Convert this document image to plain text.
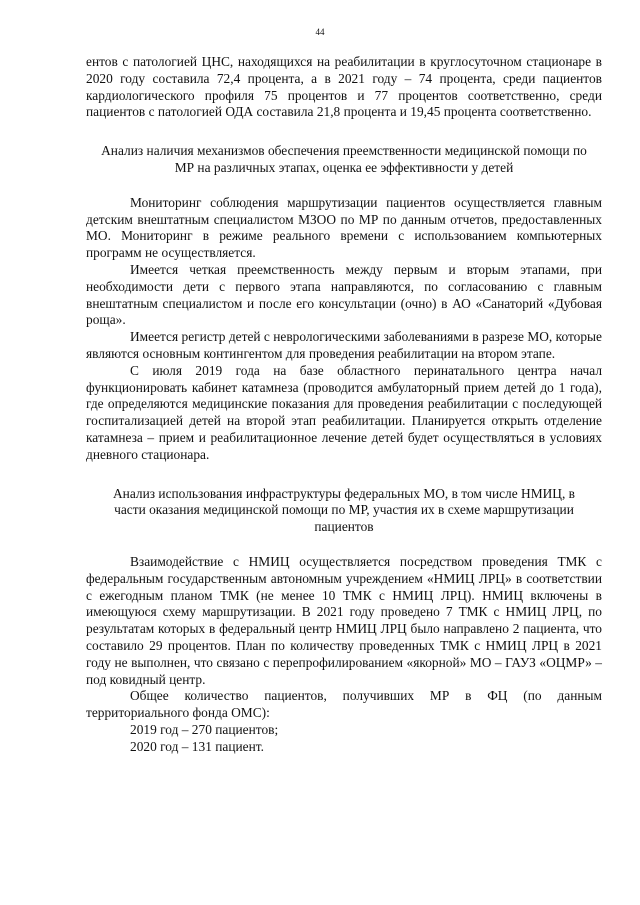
44

ентов с патологией ЦНС, находящихся на реабилитации в круглосуточном стационаре в 2020 году составила 72,4 процента, а в 2021 году – 74 процента, среди пациентов кардиологического профиля 75 процентов и 77 процентов соответственно, среди пациентов с патологией ОДА составила 21,8 процента и 19,45 процента соответственно.

Анализ наличия механизмов обеспечения преемственности медицинской помощи по МР на различных этапах, оценка ее эффективности у детей

Мониторинг соблюдения маршрутизации пациентов осуществляется главным детским внештатным специалистом МЗОО по МР по данным отчетов, предоставленных МО. Мониторинг в режиме реального времени с использованием компьютерных программ не осуществляется.

Имеется четкая преемственность между первым и вторым этапами, при необходимости дети с первого этапа направляются, по согласованию с главным внештатным специалистом и после его консультации (очно) в АО «Санаторий «Дубовая роща».

Имеется регистр детей с неврологическими заболеваниями в разрезе МО, которые являются основным контингентом для проведения реабилитации на втором этапе.

С июля 2019 года на базе областного перинатального центра начал функционировать кабинет катамнеза (проводится амбулаторный прием детей до 1 года), где определяются медицинские показания для проведения реабилитации с последующей госпитализацией детей на второй этап реабилитации. Планируется открыть отделение катамнеза – прием и реабилитационное лечение детей будет осуществляться в условиях дневного стационара.

Анализ использования инфраструктуры федеральных МО, в том числе НМИЦ, в части оказания медицинской помощи по МР, участия их в схеме маршрутизации пациентов

Взаимодействие с НМИЦ осуществляется посредством проведения ТМК с федеральным государственным автономным учреждением «НМИЦ ЛРЦ» в соответствии с ежегодным планом ТМК (не менее 10 ТМК с НМИЦ ЛРЦ). НМИЦ включены в имеющуюся схему маршрутизации. В 2021 году проведено 7 ТМК с НМИЦ ЛРЦ, по результатам которых в федеральный центр НМИЦ ЛРЦ было направлено 2 пациента, что составило 29 процентов. План по количеству проведенных ТМК с НМИЦ ЛРЦ в 2021 году не выполнен, что связано с перепрофилированием «якорной» МО – ГАУЗ «ОЦМР» – под ковидный центр.

Общее количество пациентов, получивших МР в ФЦ (по данным территориального фонда ОМС):

2019 год – 270 пациентов;

2020 год – 131 пациент.
